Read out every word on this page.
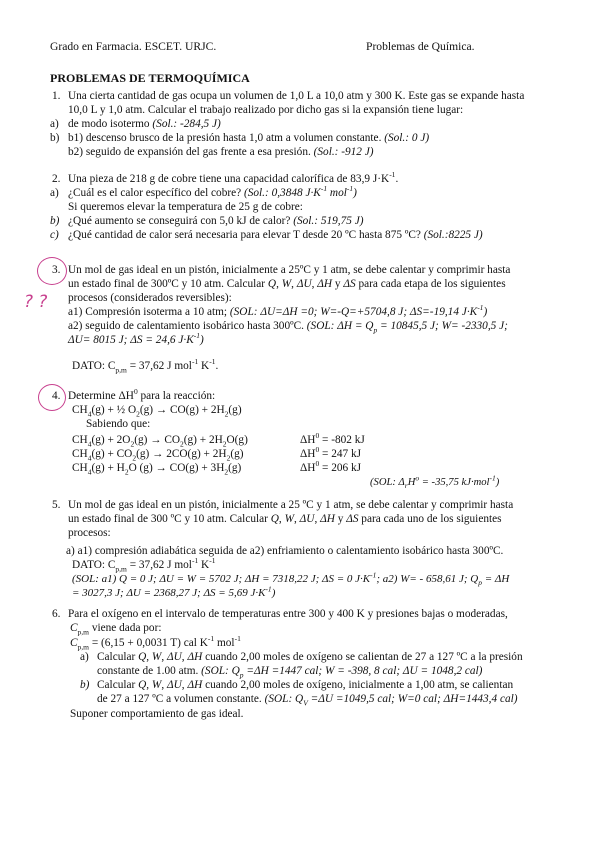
Grado en Farmacia. ESCET. URJC.	Problemas de Química.
PROBLEMAS DE TERMOQUÍMICA
1. Una cierta cantidad de gas ocupa un volumen de 1,0 L a 10,0 atm y 300 K. Este gas se expande hasta
10,0 L y 1,0 atm. Calcular el trabajo realizado por dicho gas si la expansión tiene lugar:
a) de modo isotermo (Sol.: -284,5 J)
b) b1) descenso brusco de la presión hasta 1,0 atm a volumen constante. (Sol.: 0 J)
b2) seguido de expansión del gas frente a esa presión. (Sol.: -912 J)
2. Una pieza de 218 g de cobre tiene una capacidad calorífica de 83,9 $J\cdot K^{-1}$.
a) ¿Cuál es el calor específico del cobre? (Sol.: 0,3848 $J\cdot K^{-1}$ mol$^{-1}$)
Si queremos elevar la temperatura de 25 g de cobre:
b) ¿Qué aumento se conseguirá con 5,0 kJ de calor? (Sol.: 519,75 J)
c) ¿Qué cantidad de calor será necesaria para elevar T desde 20 ºC hasta 875 ºC? (Sol.:8225 J)
? ?
3. Un mol de gas ideal en un pistón, inicialmente a 25ºC y 1 atm, se debe calentar y comprimir hasta
un estado final de 300ºC y 10 atm. Calcular Q, W, ΔU, ΔH y ΔS para cada etapa de los siguientes
procesos (considerados reversibles):
a1) Compresión isoterma a 10 atm; (SOL: ΔU=ΔH =0; W=-Q=+5704,8 J; ΔS=-19,14 $J\cdot K^{-1}$)
a2) seguido de calentamiento isobárico hasta 300ºC. (SOL: $\Delta H = Q_p = 10845,5$ J; W= -2330,5 J;
ΔU= 8015 J; ΔS = 24,6 $J\cdot K^{-1}$)
DATO: $C_{p,m} = 37,62$ J mol$^{-1}$ $K^{-1}$.
4. Determine $\Delta H^0$ para la reacción:
$CH_4(g)$ + ½ $O_2(g) \to CO(g) + 2H_2(g)$
Sabiendo que:
$CH_4(g) + 2O_2(g) \to CO_2(g) + 2H_2O(g)$	$\Delta H^0 = -802$ kJ
$CH_4(g) + CO_2(g) \to 2CO(g) + 2H_2(g)$	$\Delta H^0 = 247$ kJ
$CH_4(g) + H_2O$ $(g) \to CO(g) + 3H_2(g)$	$\Delta H^0 = 206$ kJ
(SOL: $\Delta_rH^o = -35,75$ kJ·mol$^{-1}$)
5. Un mol de gas ideal en un pistón, inicialmente a 25 ºC y 1 atm, se debe calentar y comprimir hasta
un estado final de 300 ºC y 10 atm. Calcular Q, W, ΔU, ΔH y ΔS para cada uno de los siguientes
procesos:
a) a1) compresión adiabática seguida de a2) enfriamiento o calentamiento isobárico hasta 300ºC.
DATO: $C_{p,m} = 37,62$ J mol$^{-1}$ $K^{-1}$
(SOL: a1) Q = 0 J; ΔU = W = 5702 J; ΔH = 7318,22 J; ΔS = 0 $J\cdot K^{-1}$; a2) W= - 658,61 J; $Q_p = \Delta H$
= 3027,3 J; ΔU = 2368,27 J; ΔS = 5,69 $J\cdot K^{-1}$)
6. Para el oxígeno en el intervalo de temperaturas entre 300 y 400 K y presiones bajas o moderadas,
$C_{p,m}$ viene dada por:
$C_{p,m} = (6,15 + 0,0031$ T) cal $K^{-1}$ mol$^{-1}$
a) Calcular Q, W, ΔU, ΔH cuando 2,00 moles de oxígeno se calientan de 27 a 127 ºC a la presión
constante de 1.00 atm. (SOL: $Q_p =\Delta H =1447$ cal; W = -398, 8 cal; ΔU = 1048,2 cal)
b) Calcular Q, W, ΔU, ΔH cuando 2,00 moles de oxígeno, inicialmente a 1,00 atm, se calientan
de 27 a 127 ºC a volumen constante. (SOL: $Q_V =\Delta U =1049,5$ cal; W=0 cal; ΔH=1443,4 cal)
Suponer comportamiento de gas ideal.
